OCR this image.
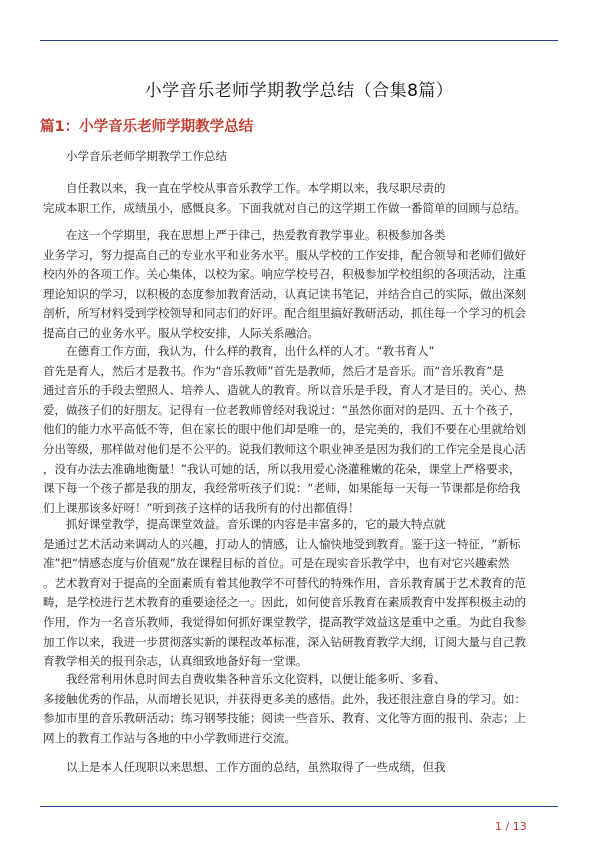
小学音乐老师学期教学总结（合集8篇）
篇1：小学音乐老师学期教学总结
小学音乐老师学期教学工作总结
自任教以来，我一直在学校从事音乐教学工作。本学期以来，我尽职尽责的
完成本职工作，成绩虽小，感慨良多。下面我就对自己的这学期工作做一番简单的回顾与总结。
在这一个学期里，我在思想上严于律己，热爱教育教学事业。积极参加各类
业务学习，努力提高自己的专业水平和业务水平。服从学校的工作安排，配合领导和老师们做好
校内外的各项工作。关心集体，以校为家。响应学校号召，积极参加学校组织的各项活动，注重
理论知识的学习，以积极的态度参加教育活动，认真记读书笔记，并结合自己的实际，做出深刻
剖析，所写材料受到学校领导和同志们的好评。配合组里搞好教研活动，抓住每一个学习的机会
提高自己的业务水平。服从学校安排，人际关系融洽。
在德育工作方面，我认为，什么样的教育，出什么样的人才。“教书育人”
首先是育人，然后才是教书。作为“音乐教师”首先是教师，然后才是音乐。而“音乐教育”是
通过音乐的手段去塑照人、培养人、造就人的教育。所以音乐是手段，育人才是目的。关心、热
爱，做孩子们的好朋友。记得有一位老教师曾经对我说过：“虽然你面对的是四、五十个孩子，
他们的能力水平高低不等，但在家长的眼中他们却是唯一的，是完美的，我们不要在心里就给划
分出等级，那样做对他们是不公平的。说我们教师这个职业神圣是因为我们的工作完全是良心活
，没有办法去准确地衡量！”我认可她的话，所以我用爱心浇灌稚嫩的花朵，课堂上严格要求，
课下每一个孩子都是我的朋友，我经常听孩子们说：“老师，如果能每一天每一节课都是你给我
们上课那该多好呀！”听到孩子这样的话我所有的付出都值得！
抓好课堂教学，提高课堂效益。音乐课的内容是丰富多的，它的最大特点就
是通过艺术活动来调动人的兴趣，打动人的情感，让人愉快地受到教育。鉴于这一特征，“新标
准”把“情感态度与价值观”放在课程目标的首位。可是在现实音乐教学中，也有对它兴趣索然
。艺术教育对于提高的全面素质有着其他教学不可替代的特殊作用，音乐教育属于艺术教育的范
畴，是学校进行艺术教育的重要途径之一。因此，如何使音乐教育在素质教育中发挥积极主动的
作用，作为一名音乐教师，我觉得如何抓好课堂教学，提高教学效益这是重中之重。为此自我参
加工作以来，我进一步贯彻落实新的课程改革标准，深入钻研教育教学大纲，订阅大量与自己教
育教学相关的报刊杂志，认真细致地备好每一堂课。
我经常利用休息时间去自费收集各种音乐文化资料，以便让能多听、多看、
多接触优秀的作品，从而增长见识，并获得更多美的感悟。此外，我还很注意自身的学习。如：
参加市里的音乐教研活动；练习钢琴技能；阅读一些音乐、教育、文化等方面的报刊、杂志；上
网上的教育工作站与各地的中小学教师进行交流。
以上是本人任现职以来思想、工作方面的总结，虽然取得了一些成绩，但我
1 / 13
